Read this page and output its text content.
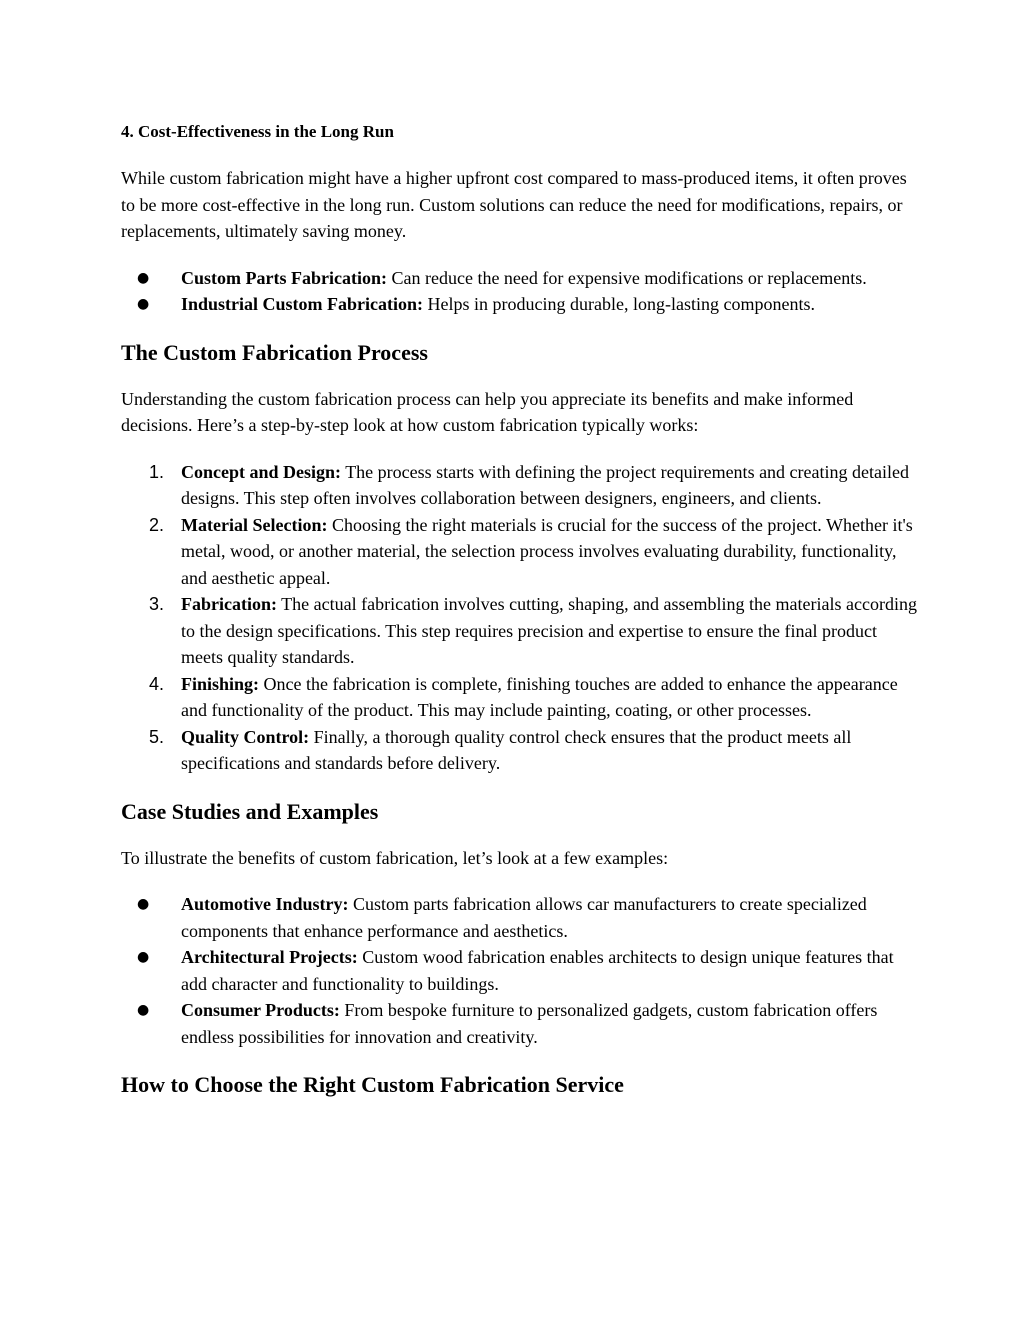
4. Cost-Effectiveness in the Long Run
While custom fabrication might have a higher upfront cost compared to mass-produced items, it often proves to be more cost-effective in the long run. Custom solutions can reduce the need for modifications, repairs, or replacements, ultimately saving money.
● Custom Parts Fabrication: Can reduce the need for expensive modifications or replacements.
● Industrial Custom Fabrication: Helps in producing durable, long-lasting components.
The Custom Fabrication Process
Understanding the custom fabrication process can help you appreciate its benefits and make informed decisions. Here’s a step-by-step look at how custom fabrication typically works:
1. Concept and Design: The process starts with defining the project requirements and creating detailed designs. This step often involves collaboration between designers, engineers, and clients.
2. Material Selection: Choosing the right materials is crucial for the success of the project. Whether it's metal, wood, or another material, the selection process involves evaluating durability, functionality, and aesthetic appeal.
3. Fabrication: The actual fabrication involves cutting, shaping, and assembling the materials according to the design specifications. This step requires precision and expertise to ensure the final product meets quality standards.
4. Finishing: Once the fabrication is complete, finishing touches are added to enhance the appearance and functionality of the product. This may include painting, coating, or other processes.
5. Quality Control: Finally, a thorough quality control check ensures that the product meets all specifications and standards before delivery.
Case Studies and Examples
To illustrate the benefits of custom fabrication, let’s look at a few examples:
● Automotive Industry: Custom parts fabrication allows car manufacturers to create specialized components that enhance performance and aesthetics.
● Architectural Projects: Custom wood fabrication enables architects to design unique features that add character and functionality to buildings.
● Consumer Products: From bespoke furniture to personalized gadgets, custom fabrication offers endless possibilities for innovation and creativity.
How to Choose the Right Custom Fabrication Service
